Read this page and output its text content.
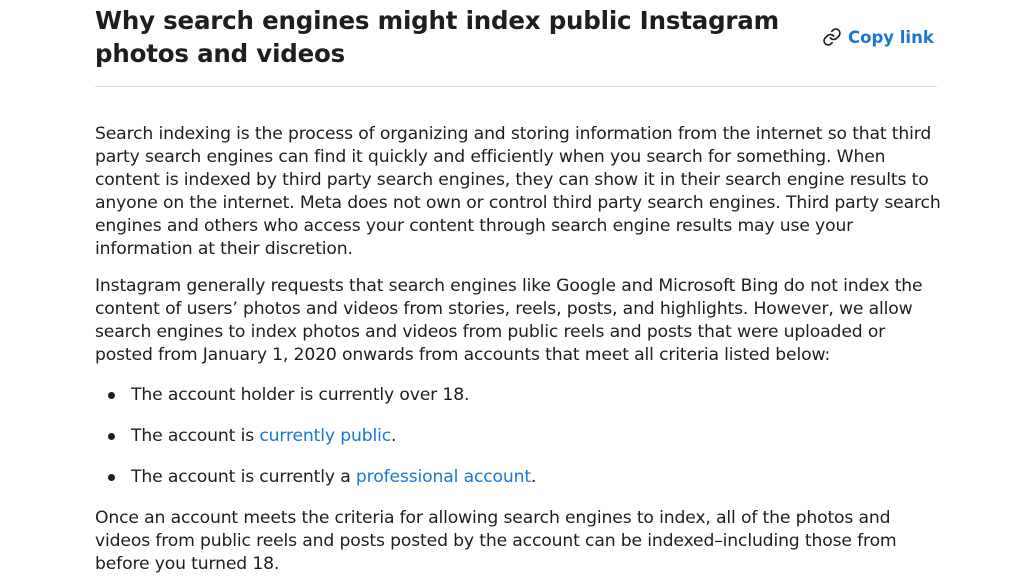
Why search engines might index public Instagram photos and videos
Copy link

Search indexing is the process of organizing and storing information from the internet so that third party search engines can find it quickly and efficiently when you search for something. When content is indexed by third party search engines, they can show it in their search engine results to anyone on the internet. Meta does not own or control third party search engines. Third party search engines and others who access your content through search engine results may use your information at their discretion.

Instagram generally requests that search engines like Google and Microsoft Bing do not index the content of users’ photos and videos from stories, reels, posts, and highlights. However, we allow search engines to index photos and videos from public reels and posts that were uploaded or posted from January 1, 2020 onwards from accounts that meet all criteria listed below:

The account holder is currently over 18.
The account is currently public.
The account is currently a professional account.

Once an account meets the criteria for allowing search engines to index, all of the photos and videos from public reels and posts posted by the account can be indexed–including those from before you turned 18.
